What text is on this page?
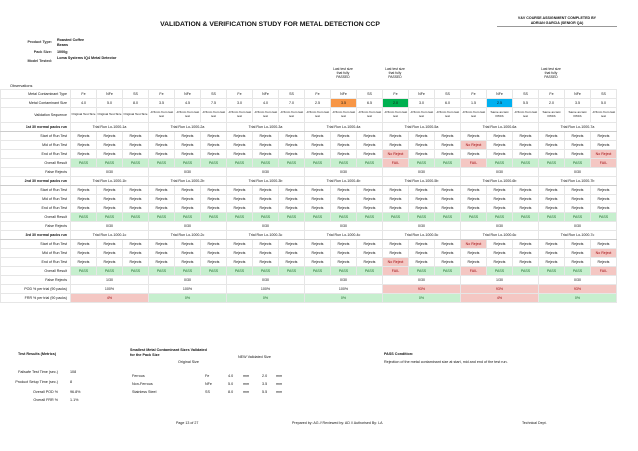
VALIDATION & VERIFICATION STUDY FOR METAL DETECTION CCP
V&V COURSE ASSIGNMENT COMPLETED BY
ADRIAN GARCIA (SENIOR QA)
Product Type: Roasted Coffee Beans
Pack Size: 1000g
Model Tested:
Loma Systems IQ4 Metal Detector
Last test size that fully PASSED
Last test size that fully PASSED
Last test size that fully PASSED
Observations
Metal Contaminant Type	Fe	NFe	SS	Fe	NFe	SS	Fe	NFe	SS	Fe	NFe	SS	Fe	NFe	SS	Fe	NFe	SS	Fe	NFe	SS
Metal Contaminant Size	4.0	5.0	8.0	3.5	4.5	7.5	3.0	4.0	7.0	2.5	3.5	6.5	2.0	3.0	6.0	1.5	2.5	5.5	2.0	3.5	5.0
Validation Sequence	Original Test Size	Original Test Size	Original Test Size	-0.5mm from last test	-0.5mm from last test	-0.5mm from last test	-0.5mm from last test	-0.5mm from last test	-0.5mm from last test	-0.5mm from last test	-0.5mm from last test	-0.5mm from last test	-0.5mm from last test	-0.5mm from last test	-0.5mm from last test	-0.5mm from last test	Same as last PASS	-0.5mm from last test	Same as last PASS	Same as last PASS	-0.5mm from last test
1st 30 normal packs run	Trial Run Lo-1000-1a			Trial Run Lo-1000-2a			Trial Run Lo-1000-3a			Trial Run Lo-1000-4a			Trial Run Lo-1000-5a			Trial Run Lo-1000-6a			Trial Run Lo-1000-7a		
Start of Run Test	Rejects	Rejects	Rejects	Rejects	Rejects	Rejects	Rejects	Rejects	Rejects	Rejects	Rejects	Rejects	Rejects	Rejects	Rejects	Rejects	Rejects	Rejects	Rejects	Rejects	Rejects
Mid of Run Test	Rejects	Rejects	Rejects	Rejects	Rejects	Rejects	Rejects	Rejects	Rejects	Rejects	Rejects	Rejects	Rejects	Rejects	Rejects	No Reject	Rejects	Rejects	Rejects	Rejects	Rejects
End of Run Test	Rejects	Rejects	Rejects	Rejects	Rejects	Rejects	Rejects	Rejects	Rejects	Rejects	Rejects	Rejects	No Reject	Rejects	Rejects	Rejects	Rejects	Rejects	Rejects	Rejects	No Reject
Overall Result	PASS	PASS	PASS	PASS	PASS	PASS	PASS	PASS	PASS	PASS	PASS	PASS	FAIL	PASS	PASS	FAIL	PASS	PASS	PASS	PASS	FAIL
False Rejects	0/30			0/30			0/30			0/30			0/30			0/30			0/30		
2nd 30 normal packs run	Trial Run Lo-1000-1b			Trial Run Lo-1000-2b			Trial Run Lo-1000-3b			Trial Run Lo-1000-4b			Trial Run Lo-1000-5b			Trial Run Lo-1000-6b			Trial Run Lo-1000-7b		
Start of Run Test	Rejects	Rejects	Rejects	Rejects	Rejects	Rejects	Rejects	Rejects	Rejects	Rejects	Rejects	Rejects	Rejects	Rejects	Rejects	Rejects	Rejects	Rejects	Rejects	Rejects	Rejects
Mid of Run Test	Rejects	Rejects	Rejects	Rejects	Rejects	Rejects	Rejects	Rejects	Rejects	Rejects	Rejects	Rejects	Rejects	Rejects	Rejects	Rejects	Rejects	Rejects	Rejects	Rejects	Rejects
End of Run Test	Rejects	Rejects	Rejects	Rejects	Rejects	Rejects	Rejects	Rejects	Rejects	Rejects	Rejects	Rejects	Rejects	Rejects	Rejects	Rejects	Rejects	Rejects	Rejects	Rejects	Rejects
Overall Result	PASS	PASS	PASS	PASS	PASS	PASS	PASS	PASS	PASS	PASS	PASS	PASS	PASS	PASS	PASS	PASS	PASS	PASS	PASS	PASS	PASS
False Rejects	0/30			0/30			0/30			0/30			0/30			0/30			0/30		
3rd 30 normal packs run	Trial Run Lo-1000-1c			Trial Run Lo-1000-2c			Trial Run Lo-1000-3c			Trial Run Lo-1000-4c			Trial Run Lo-1000-5c			Trial Run Lo-1000-6c			Trial Run Lo-1000-7c		
Start of Run Test	Rejects	Rejects	Rejects	Rejects	Rejects	Rejects	Rejects	Rejects	Rejects	Rejects	Rejects	Rejects	Rejects	Rejects	Rejects	No Reject	Rejects	Rejects	Rejects	Rejects	Rejects
Mid of Run Test	Rejects	Rejects	Rejects	Rejects	Rejects	Rejects	Rejects	Rejects	Rejects	Rejects	Rejects	Rejects	Rejects	Rejects	Rejects	Rejects	Rejects	Rejects	Rejects	Rejects	No Reject
End of Run Test	Rejects	Rejects	Rejects	Rejects	Rejects	Rejects	Rejects	Rejects	Rejects	Rejects	Rejects	Rejects	No Reject	Rejects	Rejects	Rejects	Rejects	Rejects	Rejects	Rejects	Rejects
Overall Result	PASS	PASS	PASS	PASS	PASS	PASS	PASS	PASS	PASS	PASS	PASS	PASS	FAIL	PASS	PASS	FAIL	PASS	PASS	PASS	PASS	FAIL
False Rejects	1/30			0/30			0/30			0/30			0/30			1/30			0/30		
POD % per trial (90 packs)	100%			100%			100%			100%			93%			93%			93%		
FRR % per trial (90 packs)	4%			0%			0%			0%			0%			4%			0%		
Test Results (Metrics)
Failsafe Test Time (sec.)	108
Product Setup Time (sec.)	8
Overall POD %	96.8%
Overall FRR %	1.1%
Smallest Metal Contaminant Sizes Validated for the Pack Size
Original Size
NEW Validated Size
Ferrous	Fe	4.0	mm	2.0 mm
Non-Ferrous	NFe	5.0	mm	3.5 mm
Stainless Steel	SS	8.0	mm	5.5 mm
PASS Condition:
Rejection of the metal contaminant size at start, mid and end of the test run.
Page 13 of 27	Prepared by: AG // Reviewed by: AD // Authorised By: LA	Technical Dept.
